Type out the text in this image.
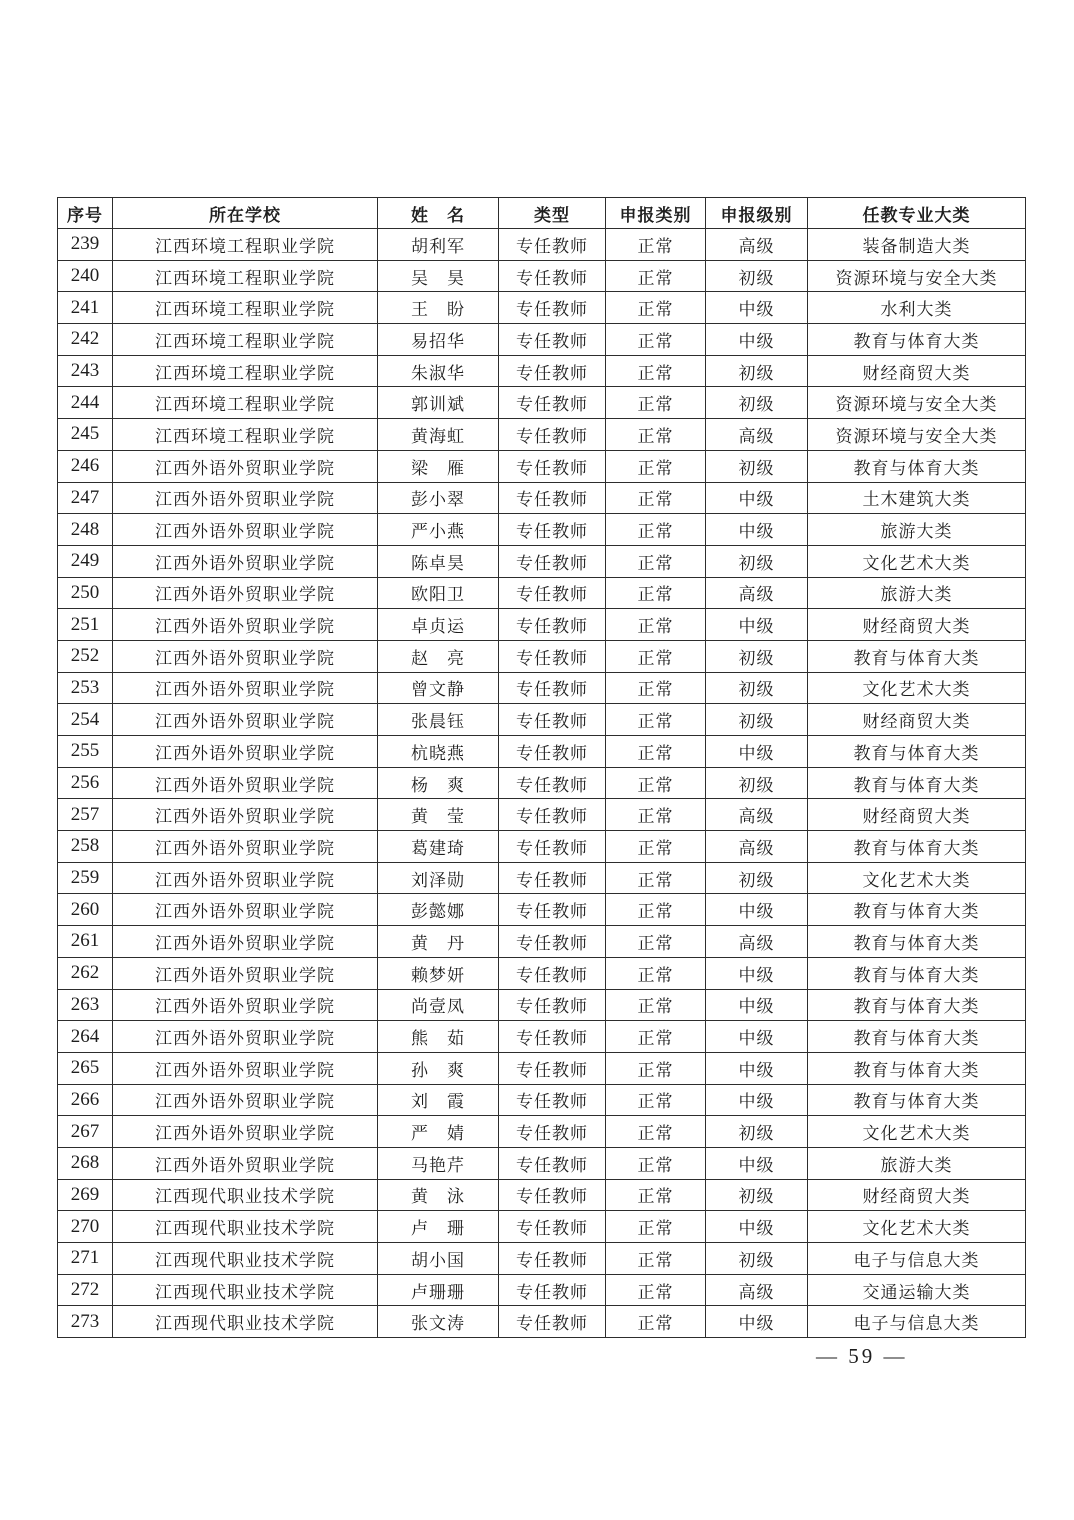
序号	所在学校	姓　名	类型	申报类别	申报级别	任教专业大类
239	江西环境工程职业学院	胡利军	专任教师	正常	高级	装备制造大类
240	江西环境工程职业学院	吴　昊	专任教师	正常	初级	资源环境与安全大类
241	江西环境工程职业学院	王　盼	专任教师	正常	中级	水利大类
242	江西环境工程职业学院	易招华	专任教师	正常	中级	教育与体育大类
243	江西环境工程职业学院	朱淑华	专任教师	正常	初级	财经商贸大类
244	江西环境工程职业学院	郭训斌	专任教师	正常	初级	资源环境与安全大类
245	江西环境工程职业学院	黄海虹	专任教师	正常	高级	资源环境与安全大类
246	江西外语外贸职业学院	梁　雁	专任教师	正常	初级	教育与体育大类
247	江西外语外贸职业学院	彭小翠	专任教师	正常	中级	土木建筑大类
248	江西外语外贸职业学院	严小燕	专任教师	正常	中级	旅游大类
249	江西外语外贸职业学院	陈卓昊	专任教师	正常	初级	文化艺术大类
250	江西外语外贸职业学院	欧阳卫	专任教师	正常	高级	旅游大类
251	江西外语外贸职业学院	卓贞运	专任教师	正常	中级	财经商贸大类
252	江西外语外贸职业学院	赵　亮	专任教师	正常	初级	教育与体育大类
253	江西外语外贸职业学院	曾文静	专任教师	正常	初级	文化艺术大类
254	江西外语外贸职业学院	张晨钰	专任教师	正常	初级	财经商贸大类
255	江西外语外贸职业学院	杭晓燕	专任教师	正常	中级	教育与体育大类
256	江西外语外贸职业学院	杨　爽	专任教师	正常	初级	教育与体育大类
257	江西外语外贸职业学院	黄　莹	专任教师	正常	高级	财经商贸大类
258	江西外语外贸职业学院	葛建琦	专任教师	正常	高级	教育与体育大类
259	江西外语外贸职业学院	刘泽勋	专任教师	正常	初级	文化艺术大类
260	江西外语外贸职业学院	彭懿娜	专任教师	正常	中级	教育与体育大类
261	江西外语外贸职业学院	黄　丹	专任教师	正常	高级	教育与体育大类
262	江西外语外贸职业学院	赖梦妍	专任教师	正常	中级	教育与体育大类
263	江西外语外贸职业学院	尚壹凤	专任教师	正常	中级	教育与体育大类
264	江西外语外贸职业学院	熊　茹	专任教师	正常	中级	教育与体育大类
265	江西外语外贸职业学院	孙　爽	专任教师	正常	中级	教育与体育大类
266	江西外语外贸职业学院	刘　霞	专任教师	正常	中级	教育与体育大类
267	江西外语外贸职业学院	严　婧	专任教师	正常	初级	文化艺术大类
268	江西外语外贸职业学院	马艳芹	专任教师	正常	中级	旅游大类
269	江西现代职业技术学院	黄　泳	专任教师	正常	初级	财经商贸大类
270	江西现代职业技术学院	卢　珊	专任教师	正常	中级	文化艺术大类
271	江西现代职业技术学院	胡小国	专任教师	正常	初级	电子与信息大类
272	江西现代职业技术学院	卢珊珊	专任教师	正常	高级	交通运输大类
273	江西现代职业技术学院	张文涛	专任教师	正常	中级	电子与信息大类
— 59 —
